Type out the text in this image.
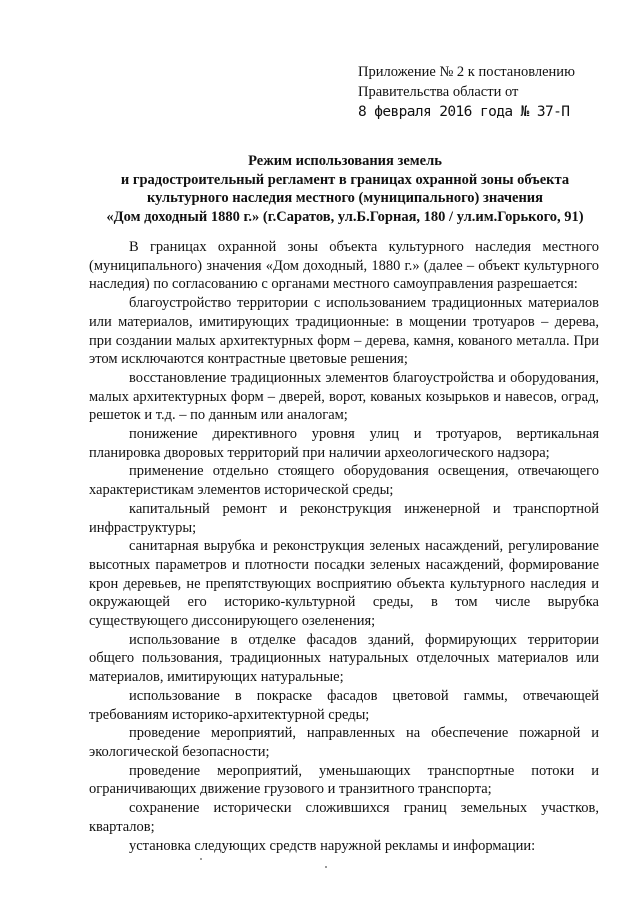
Приложение № 2 к постановлению
Правительства области от
8 февраля 2016 года № 37-П
Режим использования земель
и градостроительный регламент в границах охранной зоны объекта
культурного наследия местного (муниципального) значения
«Дом доходный 1880 г.» (г.Саратов, ул.Б.Горная, 180 / ул.им.Горького, 91)

В границах охранной зоны объекта культурного наследия местного (муниципального) значения «Дом доходный, 1880 г.» (далее – объект культурного наследия) по согласованию с органами местного самоуправления разрешается:

благоустройство территории с использованием традиционных материалов или материалов, имитирующих традиционные: в мощении тротуаров – дерева, при создании малых архитектурных форм – дерева, камня, кованого металла. При этом исключаются контрастные цветовые решения;

восстановление традиционных элементов благоустройства и оборудования, малых архитектурных форм – дверей, ворот, кованых козырьков и навесов, оград, решеток и т.д. – по данным или аналогам;

понижение директивного уровня улиц и тротуаров, вертикальная планировка дворовых территорий при наличии археологического надзора;

применение отдельно стоящего оборудования освещения, отвечающего характеристикам элементов исторической среды;

капитальный ремонт и реконструкция инженерной и транспортной инфраструктуры;

санитарная вырубка и реконструкция зеленых насаждений, регулирование высотных параметров и плотности посадки зеленых насаждений, формирование крон деревьев, не препятствующих восприятию объекта культурного наследия и окружающей его историко-культурной среды, в том числе вырубка существующего диссонирующего озеленения;

использование в отделке фасадов зданий, формирующих территории общего пользования, традиционных натуральных отделочных материалов или материалов, имитирующих натуральные;

использование в покраске фасадов цветовой гаммы, отвечающей требованиям историко-архитектурной среды;

проведение мероприятий, направленных на обеспечение пожарной и экологической безопасности;

проведение мероприятий, уменьшающих транспортные потоки и ограничивающих движение грузового и транзитного транспорта;

сохранение исторически сложившихся границ земельных участков, кварталов;

установка следующих средств наружной рекламы и информации:
